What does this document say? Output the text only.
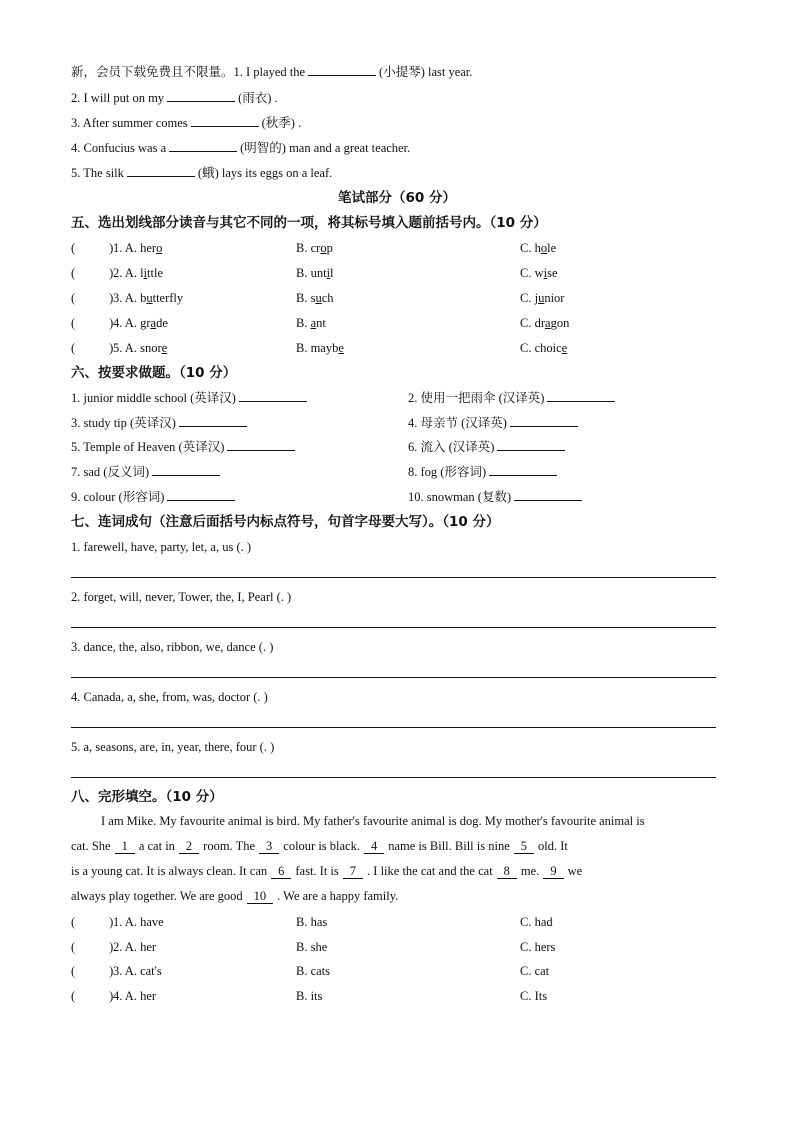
新，会员下载免费且不限量。1. I played the	(小提琴) last year.
2. I will put on my	(雨衣) .
3. After summer comes	(秋季) .
4. Confucius was a	(明智的) man and a great teacher.
5. The silk	(蛾) lays its eggs on a leaf.
笔试部分（60 分）
五、选出划线部分读音与其它不同的一项，将其标号填入题前括号内。（10 分）
(	) 1. A. hero	B. crop	C. hole
(	) 2. A. little	B. until	C. wise
(	) 3. A. butterfly	B. such	C. junior
(	) 4. A. grade	B. ant	C. dragon
(	) 5. A. snore	B. maybe	C. choice
六、按要求做题。（10 分）
1. junior middle school (英译汉)	2. 使用一把雨伞 (汉译英)
3. study tip (英译汉)	4. 母亲节 (汉译英)
5. Temple of Heaven (英译汉)	6. 流入 (汉译英)
7. sad (反义词)	8. fog (形容词)
9. colour (形容词)	10. snowman (复数)
七、连词成句（注意后面括号内标点符号，句首字母要大写）。（10 分）
1. farewell, have, party, let, a, us (. )
2. forget, will, never, Tower, the, I, Pearl (. )
3. dance, the, also, ribbon, we, dance (. )
4. Canada, a, she, from, was, doctor (. )
5. a, seasons, are, in, year, there, four (. )
八、完形填空。（10 分）
I am Mike. My favourite animal is bird. My father's favourite animal is dog. My mother's favourite animal is
cat. She 1 a cat in 2 room. The 3 colour is black. 4 name is Bill. Bill is nine 5 old. It
is a young cat. It is always clean. It can 6 fast. It is 7 . I like the cat and the cat 8 me. 9 we
always play together. We are good 10 . We are a happy family.
(	) 1. A. have	B. has	C. had
(	) 2. A. her	B. she	C. hers
(	) 3. A. cat's	B. cats	C. cat
(	) 4. A. her	B. its	C. Its
